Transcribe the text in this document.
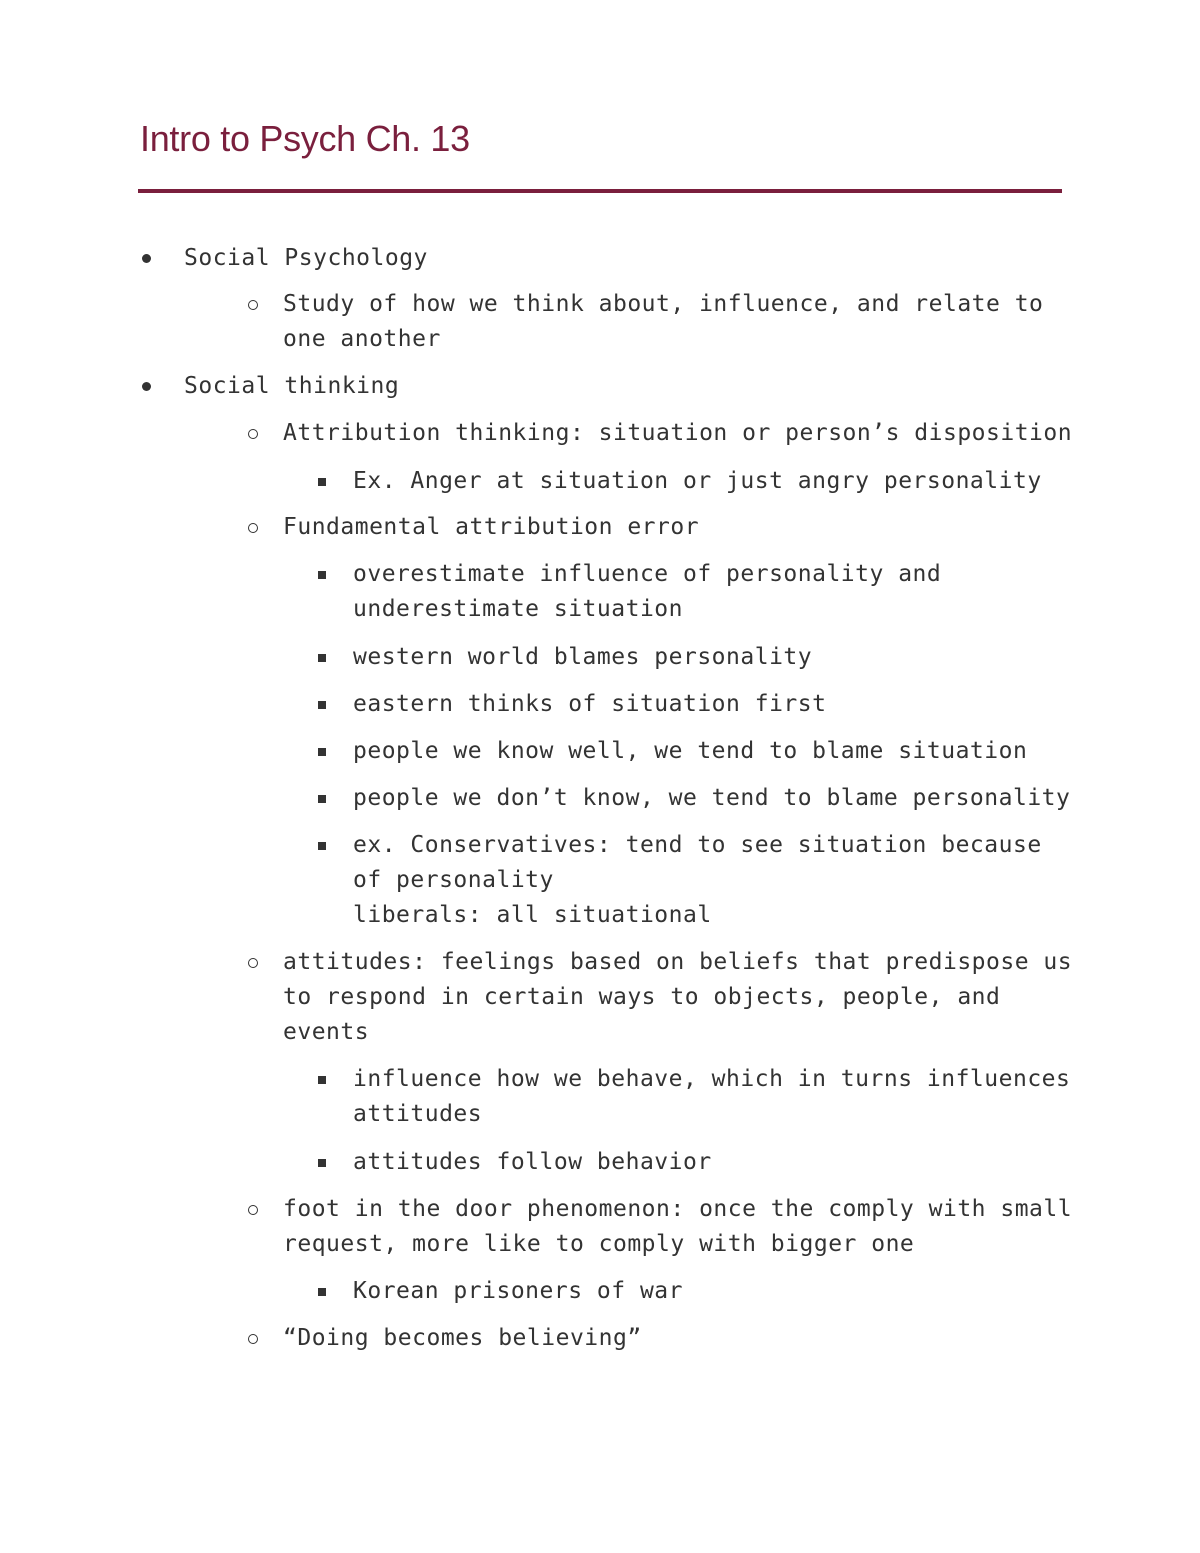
Intro to Psych Ch. 13
Social Psychology
Study of how we think about, influence, and relate to
one another
Social thinking
Attribution thinking: situation or person’s disposition
Ex. Anger at situation or just angry personality
Fundamental attribution error
overestimate influence of personality and
underestimate situation
western world blames personality
eastern thinks of situation first
people we know well, we tend to blame situation
people we don’t know, we tend to blame personality
ex. Conservatives: tend to see situation because
of personality
liberals: all situational
attitudes: feelings based on beliefs that predispose us
to respond in certain ways to objects, people, and
events
influence how we behave, which in turns influences
attitudes
attitudes follow behavior
foot in the door phenomenon: once the comply with small
request, more like to comply with bigger one
Korean prisoners of war
“Doing becomes believing”
